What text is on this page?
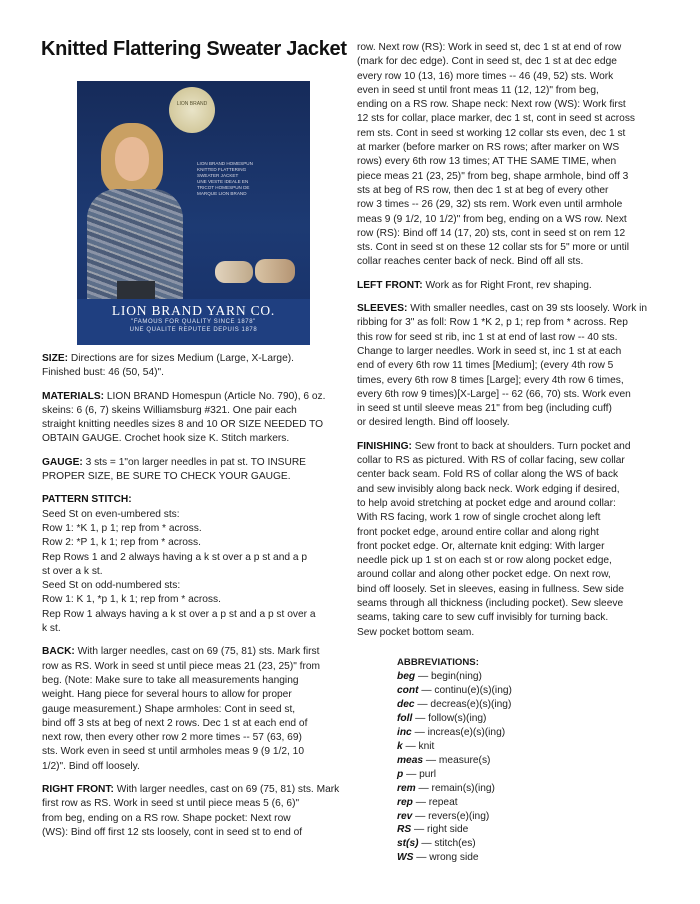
Knitted Flattering Sweater Jacket
LION BRAND
LION BRAND HOMESPUN
KNITTED FLATTERING
SWEATER JACKET
UNE VESTE IDEALE EN
TRICOT HOMESPUN DE
MARQUE LION BRAND
LION BRAND YARN CO.
"FAMOUS FOR QUALITY SINCE 1878"
UNE QUALITE REPUTEE DEPUIS 1878

SIZE: Directions are for sizes Medium (Large, X-Large).
Finished bust: 46 (50, 54)".

MATERIALS: LION BRAND Homespun (Article No. 790), 6 oz.
skeins: 6 (6, 7) skeins Williamsburg #321. One pair each
straight knitting needles sizes 8 and 10 OR SIZE NEEDED TO
OBTAIN GAUGE. Crochet hook size K. Stitch markers.

GAUGE: 3 sts = 1"on larger needles in pat st. TO INSURE
PROPER SIZE, BE SURE TO CHECK YOUR GAUGE.

PATTERN STITCH:
Seed St on even-umbered sts:
Row 1: *K 1, p 1; rep from * across.
Row 2: *P 1, k 1; rep from * across.
Rep Rows 1 and 2 always having a k st over a p st and a p
st over a k st.
Seed St on odd-numbered sts:
Row 1: K 1, *p 1, k 1; rep from * across.
Rep Row 1 always having a k st over a p st and a p st over a
k st.

BACK: With larger needles, cast on 69 (75, 81) sts. Mark first
row as RS. Work in seed st until piece meas 21 (23, 25)" from
beg. (Note: Make sure to take all measurements hanging
weight. Hang piece for several hours to allow for proper
gauge measurement.) Shape armholes: Cont in seed st,
bind off 3 sts at beg of next 2 rows. Dec 1 st at each end of
next row, then every other row 2 more times -- 57 (63, 69)
sts. Work even in seed st until armholes meas 9 (9 1/2, 10
1/2)". Bind off loosely.

RIGHT FRONT: With larger needles, cast on 69 (75, 81) sts. Mark
first row as RS. Work in seed st until piece meas 5 (6, 6)"
from beg, ending on a RS row. Shape pocket: Next row
(WS): Bind off first 12 sts loosely, cont in seed st to end of

row. Next row (RS): Work in seed st, dec 1 st at end of row
(mark for dec edge). Cont in seed st, dec 1 st at dec edge
every row 10 (13, 16) more times -- 46 (49, 52) sts. Work
even in seed st until front meas 11 (12, 12)" from beg,
ending on a RS row. Shape neck: Next row (WS): Work first
12 sts for collar, place marker, dec 1 st, cont in seed st across
rem sts. Cont in seed st working 12 collar sts even, dec 1 st
at marker (before marker on RS rows; after marker on WS
rows) every 6th row 13 times; AT THE SAME TIME, when
piece meas 21 (23, 25)" from beg, shape armhole, bind off 3
sts at beg of RS row, then dec 1 st at beg of every other
row 3 times -- 26 (29, 32) sts rem. Work even until armhole
meas 9 (9 1/2, 10 1/2)" from beg, ending on a WS row. Next
row (RS): Bind off 14 (17, 20) sts, cont in seed st on rem 12
sts. Cont in seed st on these 12 collar sts for 5" more or until
collar reaches center back of neck. Bind off all sts.

LEFT FRONT: Work as for Right Front, rev shaping.

SLEEVES: With smaller needles, cast on 39 sts loosely. Work in
ribbing for 3" as foll: Row 1 *K 2, p 1; rep from * across. Rep
this row for seed st rib, inc 1 st at end of last row -- 40 sts.
Change to larger needles. Work in seed st, inc 1 st at each
end of every 6th row 11 times [Medium]; (every 4th row 5
times, every 6th row 8 times [Large]; every 4th row 6 times,
every 6th row 9 times)[X-Large] -- 62 (66, 70) sts. Work even
in seed st until sleeve meas 21" from beg (including cuff)
or desired length. Bind off loosely.

FINISHING: Sew front to back at shoulders. Turn pocket and
collar to RS as pictured. With RS of collar facing, sew collar
center back seam. Fold RS of collar along the WS of back
and sew invisibly along back neck. Work edging if desired,
to help avoid stretching at pocket edge and around collar:
With RS facing, work 1 row of single crochet along left
front pocket edge, around entire collar and along right
front pocket edge. Or, alternate knit edging: With larger
needle pick up 1 st on each st or row along pocket edge,
around collar and along other pocket edge. On next row,
bind off loosely. Set in sleeves, easing in fullness. Sew side
seams through all thickness (including pocket). Sew sleeve
seams, taking care to sew cuff invisibly for turning back.
Sew pocket bottom seam.

ABBREVIATIONS:
beg — begin(ning)
cont — continu(e)(s)(ing)
dec — decreas(e)(s)(ing)
foll — follow(s)(ing)
inc — increas(e)(s)(ing)
k — knit
meas — measure(s)
p — purl
rem — remain(s)(ing)
rep — repeat
rev — revers(e)(ing)
RS — right side
st(s) — stitch(es)
WS — wrong side
